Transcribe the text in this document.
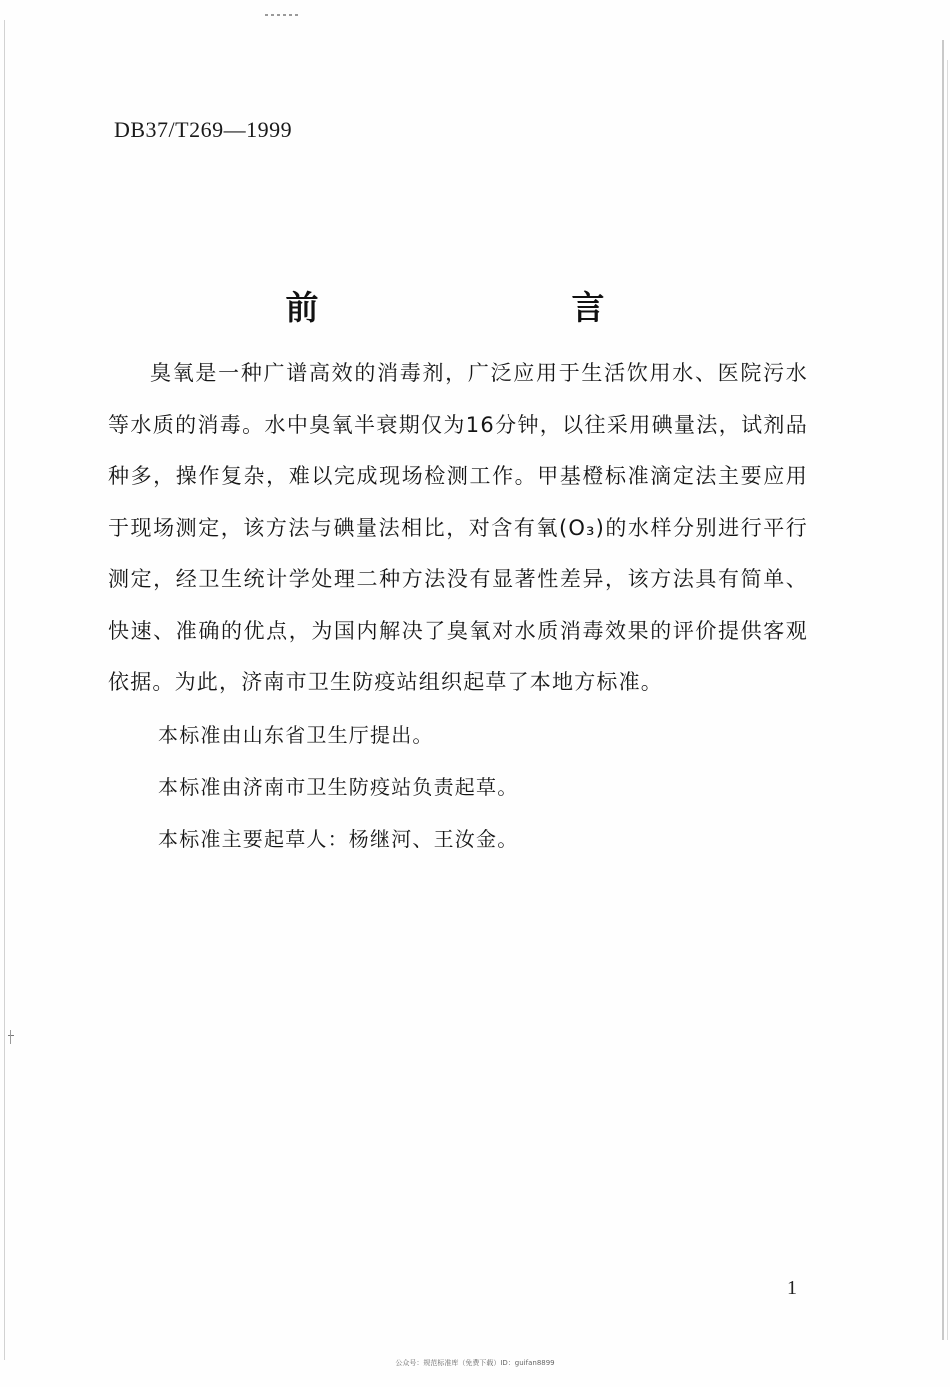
DB37/T269—1999
前　言

臭氧是一种广谱高效的消毒剂，广泛应用于生活饮用水、医院污水等水质的消毒。水中臭氧半衰期仅为16分钟，以往采用碘量法，试剂品种多，操作复杂，难以完成现场检测工作。甲基橙标准滴定法主要应用于现场测定，该方法与碘量法相比，对含有氧(O₃)的水样分别进行平行测定，经卫生统计学处理二种方法没有显著性差异，该方法具有简单、快速、准确的优点，为国内解决了臭氧对水质消毒效果的评价提供客观依据。为此，济南市卫生防疫站组织起草了本地方标准。

本标准由山东省卫生厅提出。

本标准由济南市卫生防疫站负责起草。

本标准主要起草人：杨继河、王汝金。

1
公众号：规范标准库（免费下载）ID：guifan8899
